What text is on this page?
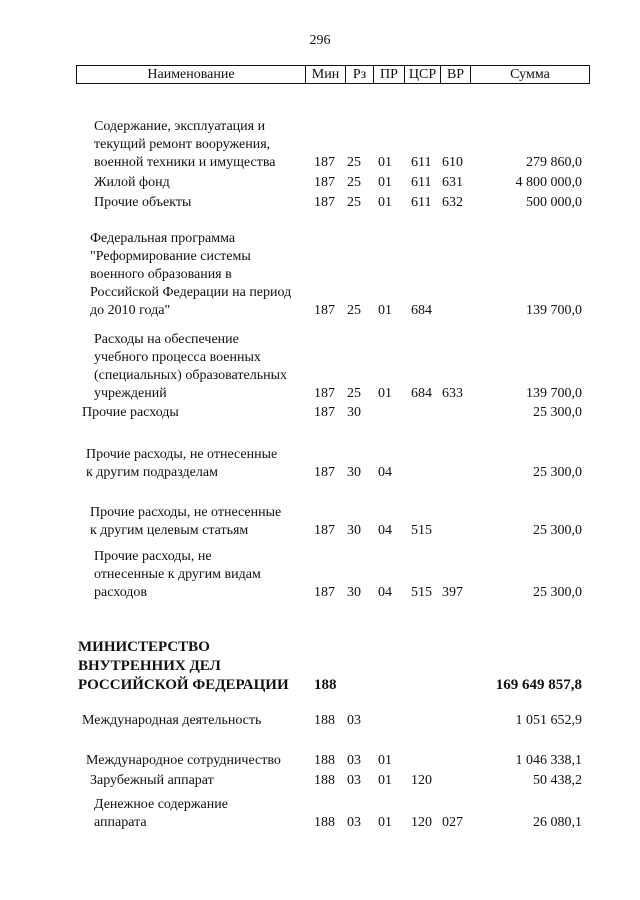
296
Наименование	Мин Рз ПР ЦСР ВР	Сумма
Содержание, эксплуатация и
текущий ремонт вооружения,
военной техники и имущества	187 25 01 611 610	279 860,0
Жилой фонд	187 25 01 611 631	4 800 000,0
Прочие объекты	187 25 01 611 632	500 000,0
Федеральная программа
"Реформирование системы
военного образования в
Российской Федерации на период
до 2010 года"	187 25 01 684	139 700,0
Расходы на обеспечение
учебного процесса военных
(специальных) образовательных
учреждений	187 25 01 684 633	139 700,0
Прочие расходы	187 30	25 300,0
Прочие расходы, не отнесенные
к другим подразделам	187 30 04	25 300,0
Прочие расходы, не отнесенные
к другим целевым статьям	187 30 04 515	25 300,0
Прочие расходы, не
отнесенные к другим видам
расходов	187 30 04 515 397	25 300,0
МИНИСТЕРСТВО
ВНУТРЕННИХ ДЕЛ
РОССИЙСКОЙ ФЕДЕРАЦИИ	188	169 649 857,8
Международная деятельность	188 03	1 051 652,9
Международное сотрудничество	188 03 01	1 046 338,1
Зарубежный аппарат	188 03 01 120	50 438,2
Денежное содержание
аппарата	188 03 01 120 027	26 080,1
